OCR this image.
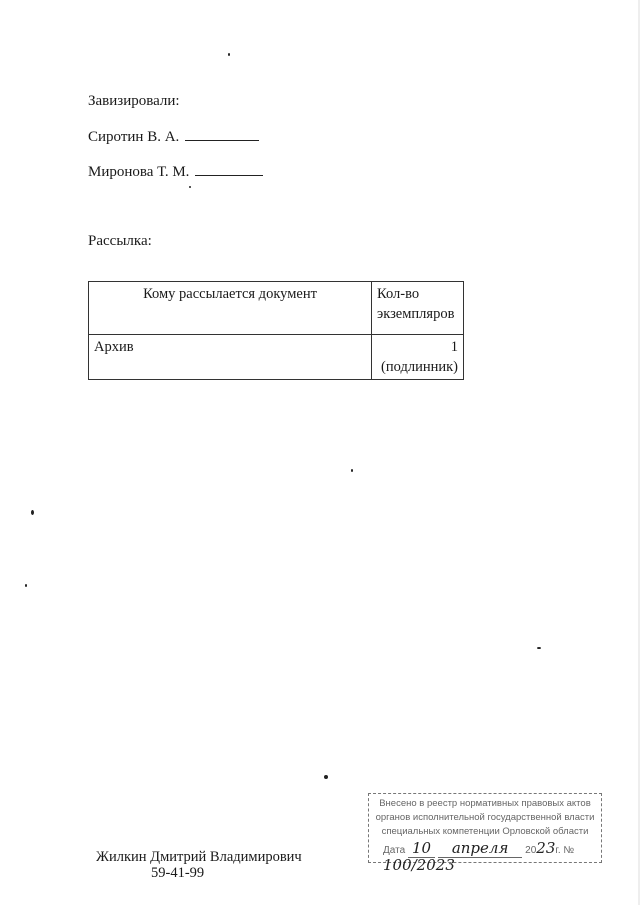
Завизировали:
Сиротин В. А.
Миронова Т. М.
Рассылка:
Кому рассылается документ	Кол-во экземпляров
Архив	1
(подлинник)
Жилкин Дмитрий Владимирович
59-41-99
Внесено в реестр нормативных правовых актов
органов исполнительной государственной власти
специальных компетенции Орловской области
Дата 10 апреля 2023г. № 100/2023
